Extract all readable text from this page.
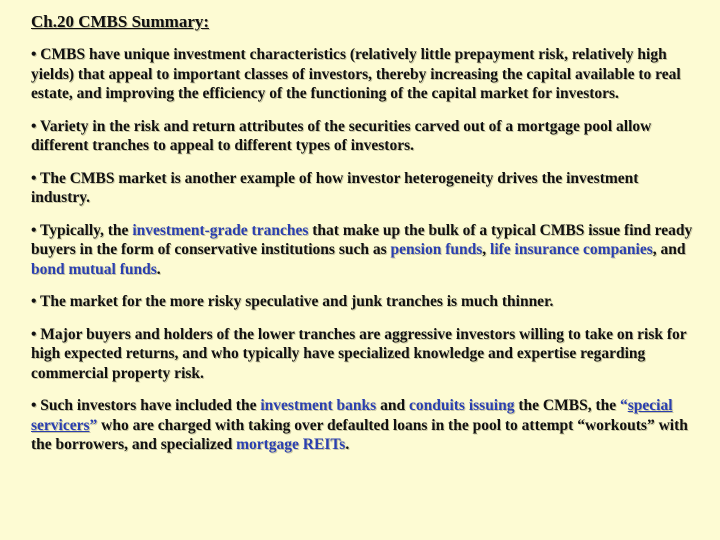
Ch.20 CMBS Summary:
• CMBS have unique investment characteristics (relatively little prepayment risk, relatively high yields) that appeal to important classes of investors, thereby increasing the capital available to real estate, and improving the efficiency of the functioning of the capital market for investors.
• Variety in the risk and return attributes of the securities carved out of a mortgage pool allow different tranches to appeal to different types of investors.
• The CMBS market is another example of how investor heterogeneity drives the investment industry.
• Typically, the investment-grade tranches that make up the bulk of a typical CMBS issue find ready buyers in the form of conservative institutions such as pension funds, life insurance companies, and bond mutual funds.
• The market for the more risky speculative and junk tranches is much thinner.
• Major buyers and holders of the lower tranches are aggressive investors willing to take on risk for high expected returns, and who typically have specialized knowledge and expertise regarding commercial property risk.
• Such investors have included the investment banks and conduits issuing the CMBS, the “special servicers” who are charged with taking over defaulted loans in the pool to attempt “workouts” with the borrowers, and specialized mortgage REITs.
